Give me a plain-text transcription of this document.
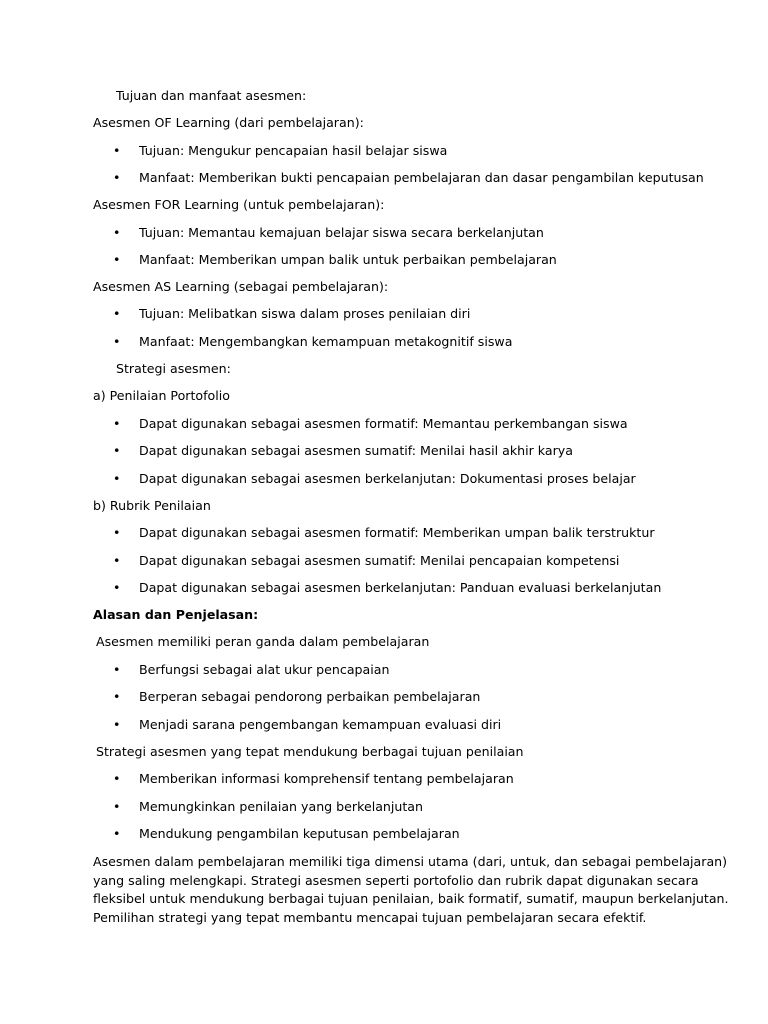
Tujuan dan manfaat asesmen:
Asesmen OF Learning (dari pembelajaran):
• Tujuan: Mengukur pencapaian hasil belajar siswa
• Manfaat: Memberikan bukti pencapaian pembelajaran dan dasar pengambilan keputusan
Asesmen FOR Learning (untuk pembelajaran):
• Tujuan: Memantau kemajuan belajar siswa secara berkelanjutan
• Manfaat: Memberikan umpan balik untuk perbaikan pembelajaran
Asesmen AS Learning (sebagai pembelajaran):
• Tujuan: Melibatkan siswa dalam proses penilaian diri
• Manfaat: Mengembangkan kemampuan metakognitif siswa
Strategi asesmen:
a) Penilaian Portofolio
• Dapat digunakan sebagai asesmen formatif: Memantau perkembangan siswa
• Dapat digunakan sebagai asesmen sumatif: Menilai hasil akhir karya
• Dapat digunakan sebagai asesmen berkelanjutan: Dokumentasi proses belajar
b) Rubrik Penilaian
• Dapat digunakan sebagai asesmen formatif: Memberikan umpan balik terstruktur
• Dapat digunakan sebagai asesmen sumatif: Menilai pencapaian kompetensi
• Dapat digunakan sebagai asesmen berkelanjutan: Panduan evaluasi berkelanjutan
Alasan dan Penjelasan:
Asesmen memiliki peran ganda dalam pembelajaran
• Berfungsi sebagai alat ukur pencapaian
• Berperan sebagai pendorong perbaikan pembelajaran
• Menjadi sarana pengembangan kemampuan evaluasi diri
Strategi asesmen yang tepat mendukung berbagai tujuan penilaian
• Memberikan informasi komprehensif tentang pembelajaran
• Memungkinkan penilaian yang berkelanjutan
• Mendukung pengambilan keputusan pembelajaran
Asesmen dalam pembelajaran memiliki tiga dimensi utama (dari, untuk, dan sebagai pembelajaran)
yang saling melengkapi. Strategi asesmen seperti portofolio dan rubrik dapat digunakan secara
fleksibel untuk mendukung berbagai tujuan penilaian, baik formatif, sumatif, maupun berkelanjutan.
Pemilihan strategi yang tepat membantu mencapai tujuan pembelajaran secara efektif.
